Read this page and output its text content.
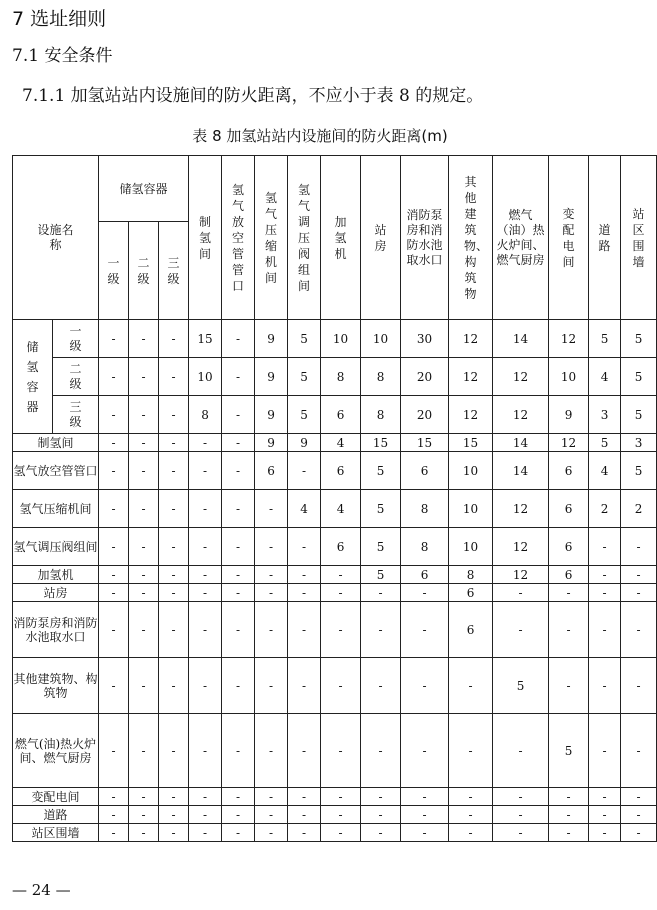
7 选址细则
7.1 安全条件
7.1.1 加氢站站内设施间的防火距离，不应小于表 8 的规定。
表 8 加氢站站内设施间的防火距离(m)
设施名称		储氢容器			制氢间	氢气放空管管口	氢气压缩机间	氢气调压阀组间	加氢机	站房	消防泵房和消防水池取水口	其他建筑物、构筑物	燃气（油）热火炉间、燃气厨房	变配电间	道路	站区围墙
		一级	二级	三级												
储氢容器	一级	-	-	-	15	-	9	5	10	10	30	12	14	12	5	5
	二级	-	-	-	10	-	9	5	8	8	20	12	12	10	4	5
	三级	-	-	-	8	-	9	5	6	8	20	12	12	9	3	5
制氢间		-	-	-	-	-	9	9	4	15	15	15	14	12	5	3
氢气放空管管口		-	-	-	-	-	6	-	6	5	6	10	14	6	4	5
氢气压缩机间		-	-	-	-	-	-	4	4	5	8	10	12	6	2	2
氢气调压阀组间		-	-	-	-	-	-	-	6	5	8	10	12	6	-	-
加氢机		-	-	-	-	-	-	-	-	5	6	8	12	6	-	-
站房		-	-	-	-	-	-	-	-	-	-	6	-	-	-	-
消防泵房和消防水池取水口		-	-	-	-	-	-	-	-	-	-	6	-	-	-	-
其他建筑物、构筑物		-	-	-	-	-	-	-	-	-	-	-	5	-	-	-
燃气(油)热火炉间、燃气厨房		-	-	-	-	-	-	-	-	-	-	-	-	5	-	-
变配电间		-	-	-	-	-	-	-	-	-	-	-	-	-	-	-
道路		-	-	-	-	-	-	-	-	-	-	-	-	-	-	-
站区围墙		-	-	-	-	-	-	-	-	-	-	-	-	-	-	-
— 24 —
